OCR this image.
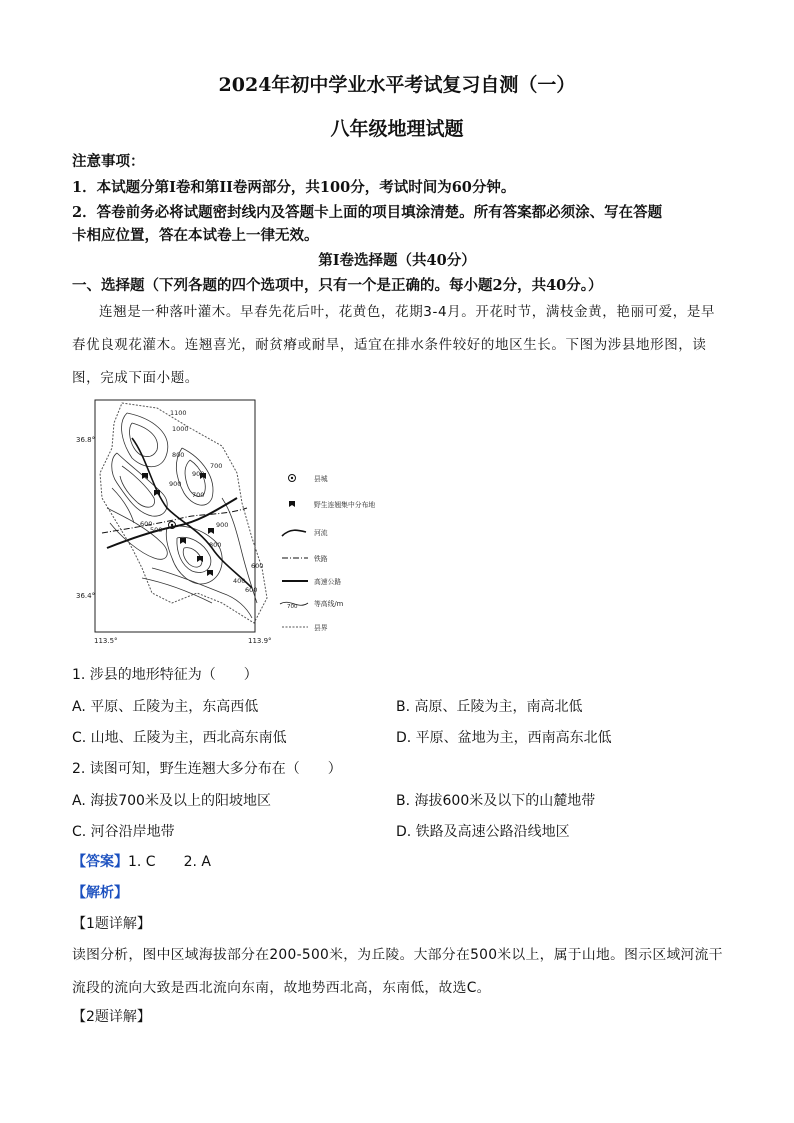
2024年初中学业水平考试复习自测（一）
八年级地理试题
注意事项：
1．本试题分第Ⅰ卷和第II卷两部分，共100分，考试时间为60分钟。
2．答卷前务必将试题密封线内及答题卡上面的项目填涂清楚。所有答案都必须涂、写在答题
卡相应位置，答在本试卷上一律无效。
第Ⅰ卷选择题（共40分）
一、选择题（下列各题的四个选项中，只有一个是正确的。每小题2分，共40分。）
连翘是一种落叶灌木。早春先花后叶，花黄色，花期3-4月。开花时节，满枝金黄，艳丽可爱，是早春优良观花灌木。连翘喜光，耐贫瘠或耐旱，适宜在排水条件较好的地区生长。下图为涉县地形图，读图，完成下面小题。
1100
1000
800
900
700
900
700
600
500
900
800
600
400
600
36.8°
36.4°
113.5°	113.9°
县城
野生连翘集中分布地
河流
铁路
高速公路
700 等高线/m
县界
1. 涉县的地形特征为（　　）
A. 平原、丘陵为主，东高西低	B. 高原、丘陵为主，南高北低
C. 山地、丘陵为主，西北高东南低	D. 平原、盆地为主，西南高东北低
2. 读图可知，野生连翘大多分布在（　　）
A. 海拔700米及以上的阳坡地区	B. 海拔600米及以下的山麓地带
C. 河谷沿岸地带	D. 铁路及高速公路沿线地区
【答案】1. C　　2. A
【解析】
【1题详解】
读图分析，图中区域海拔部分在200-500米，为丘陵。大部分在500米以上，属于山地。图示区域河流干流段的流向大致是西北流向东南，故地势西北高，东南低，故选C。
【2题详解】
